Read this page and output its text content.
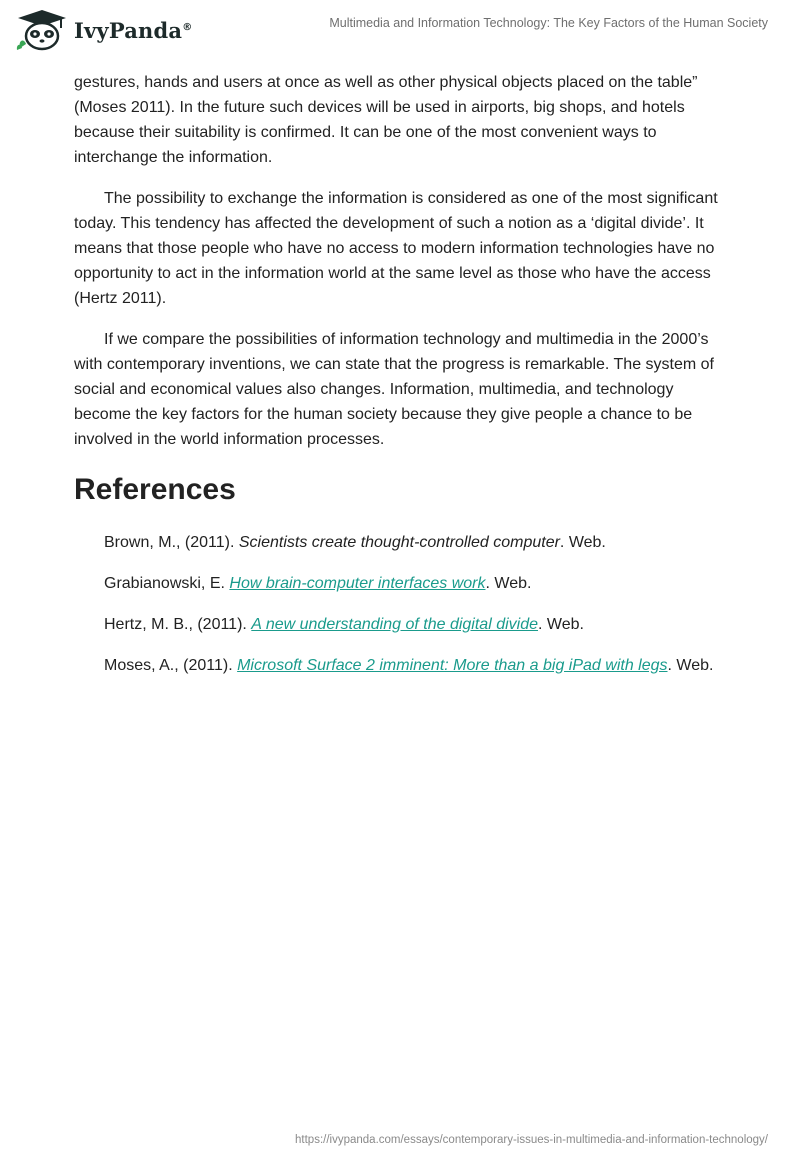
IvyPanda®	Multimedia and Information Technology: The Key Factors of the Human Society

gestures, hands and users at once as well as other physical objects placed on the table” (Moses 2011). In the future such devices will be used in airports, big shops, and hotels because their suitability is confirmed. It can be one of the most convenient ways to interchange the information.

The possibility to exchange the information is considered as one of the most significant today. This tendency has affected the development of such a notion as a ‘digital divide’. It means that those people who have no access to modern information technologies have no opportunity to act in the information world at the same level as those who have the access (Hertz 2011).

If we compare the possibilities of information technology and multimedia in the 2000’s with contemporary inventions, we can state that the progress is remarkable. The system of social and economical values also changes. Information, multimedia, and technology become the key factors for the human society because they give people a chance to be involved in the world information processes.

References

Brown, M., (2011). Scientists create thought-controlled computer. Web.

Grabianowski, E. How brain-computer interfaces work. Web.

Hertz, M. B., (2011). A new understanding of the digital divide. Web.

Moses, A., (2011). Microsoft Surface 2 imminent: More than a big iPad with legs. Web.

https://ivypanda.com/essays/contemporary-issues-in-multimedia-and-information-technology/
